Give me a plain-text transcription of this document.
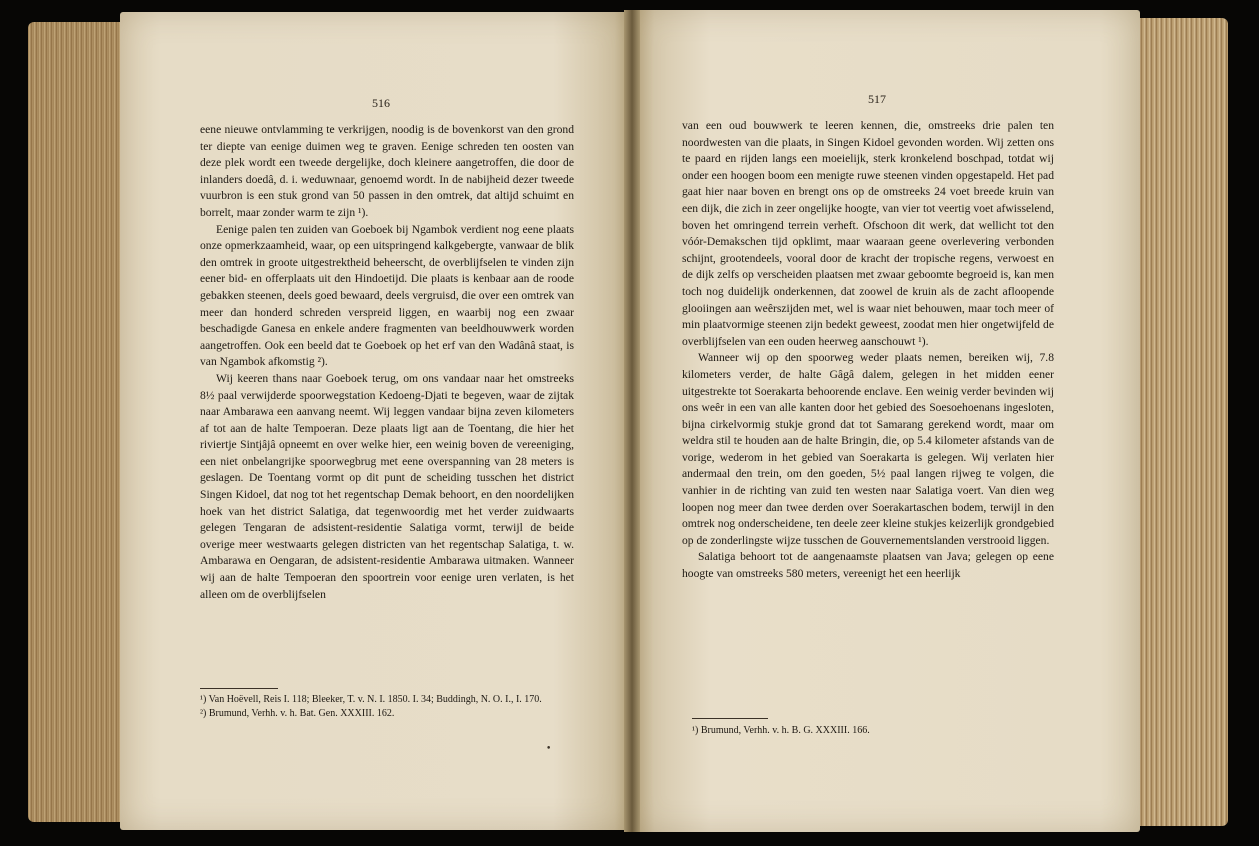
516

eene nieuwe ontvlamming te verkrijgen, noodig is de bovenkorst van den grond ter diepte van eenige duimen weg te graven. Eenige schreden ten oosten van deze plek wordt een tweede dergelijke, doch kleinere aangetroffen, die door de inlanders doedâ, d. i. weduwnaar, genoemd wordt. In de nabijheid dezer tweede vuurbron is een stuk grond van 50 passen in den omtrek, dat altijd schuimt en borrelt, maar zonder warm te zijn ¹).

Eenige palen ten zuiden van Goeboek bij Ngambok verdient nog eene plaats onze opmerkzaamheid, waar, op een uitspringend kalkgebergte, vanwaar de blik den omtrek in groote uitgestrektheid beheerscht, de overblijfselen te vinden zijn eener bid- en offerplaats uit den Hindoetijd. Die plaats is kenbaar aan de roode gebakken steenen, deels goed bewaard, deels vergruisd, die over een omtrek van meer dan honderd schreden verspreid liggen, en waarbij nog een zwaar beschadigde Ganesa en enkele andere fragmenten van beeldhouwwerk worden aangetroffen. Ook een beeld dat te Goeboek op het erf van den Wadânâ staat, is van Ngambok afkomstig ²).

Wij keeren thans naar Goeboek terug, om ons vandaar naar het omstreeks 8½ paal verwijderde spoorwegstation Kedoeng-Djati te begeven, waar de zijtak naar Ambarawa een aanvang neemt. Wij leggen vandaar bijna zeven kilometers af tot aan de halte Tempoeran. Deze plaats ligt aan de Toentang, die hier het riviertje Sintjâjâ opneemt en over welke hier, een weinig boven de vereeniging, een niet onbelangrijke spoorwegbrug met eene overspanning van 28 meters is geslagen. De Toentang vormt op dit punt de scheiding tusschen het district Singen Kidoel, dat nog tot het regentschap Demak behoort, en den noordelijken hoek van het district Salatiga, dat tegenwoordig met het verder zuidwaarts gelegen Tengaran de adsistent-residentie Salatiga vormt, terwijl de beide overige meer westwaarts gelegen districten van het regentschap Salatiga, t. w. Ambarawa en Oengaran, de adsistent-residentie Ambarawa uitmaken. Wanneer wij aan de halte Tempoeran den spoortrein voor eenige uren verlaten, is het alleen om de overblijfselen

¹) Van Hoëvell, Reis I. 118; Bleeker, T. v. N. I. 1850. I. 34; Buddingh, N. O. I., I. 170.
²) Brumund, Verhh. v. h. Bat. Gen. XXXIII. 162.
•
517

van een oud bouwwerk te leeren kennen, die, omstreeks drie palen ten noordwesten van die plaats, in Singen Kidoel gevonden worden. Wij zetten ons te paard en rijden langs een moeielijk, sterk kronkelend boschpad, totdat wij onder een hoogen boom een menigte ruwe steenen vinden opgestapeld. Het pad gaat hier naar boven en brengt ons op de omstreeks 24 voet breede kruin van een dijk, die zich in zeer ongelijke hoogte, van vier tot veertig voet afwisselend, boven het omringend terrein verheft. Ofschoon dit werk, dat wellicht tot den vóór-Demakschen tijd opklimt, maar waaraan geene overlevering verbonden schijnt, grootendeels, vooral door de kracht der tropische regens, verwoest en de dijk zelfs op verscheiden plaatsen met zwaar geboomte begroeid is, kan men toch nog duidelijk onderkennen, dat zoowel de kruin als de zacht afloopende glooiingen aan weêrszijden met, wel is waar niet behouwen, maar toch meer of min plaatvormige steenen zijn bedekt geweest, zoodat men hier ongetwijfeld de overblijfselen van een ouden heerweg aanschouwt ¹).

Wanneer wij op den spoorweg weder plaats nemen, bereiken wij, 7.8 kilometers verder, de halte Gâgâ dalem, gelegen in het midden eener uitgestrekte tot Soerakarta behoorende enclave. Een weinig verder bevinden wij ons weêr in een van alle kanten door het gebied des Soesoehoenans ingesloten, bijna cirkelvormig stukje grond dat tot Samarang gerekend wordt, maar om weldra stil te houden aan de halte Bringin, die, op 5.4 kilometer afstands van de vorige, wederom in het gebied van Soerakarta is gelegen. Wij verlaten hier andermaal den trein, om den goeden, 5½ paal langen rijweg te volgen, die vanhier in de richting van zuid ten westen naar Salatiga voert. Van dien weg loopen nog meer dan twee derden over Soerakartaschen bodem, terwijl in den omtrek nog onderscheidene, ten deele zeer kleine stukjes keizerlijk grondgebied op de zonderlingste wijze tusschen de Gouvernementslanden verstrooid liggen.

Salatiga behoort tot de aangenaamste plaatsen van Java; gelegen op eene hoogte van omstreeks 580 meters, vereenigt het een heerlijk

¹) Brumund, Verhh. v. h. B. G. XXXIII. 166.
